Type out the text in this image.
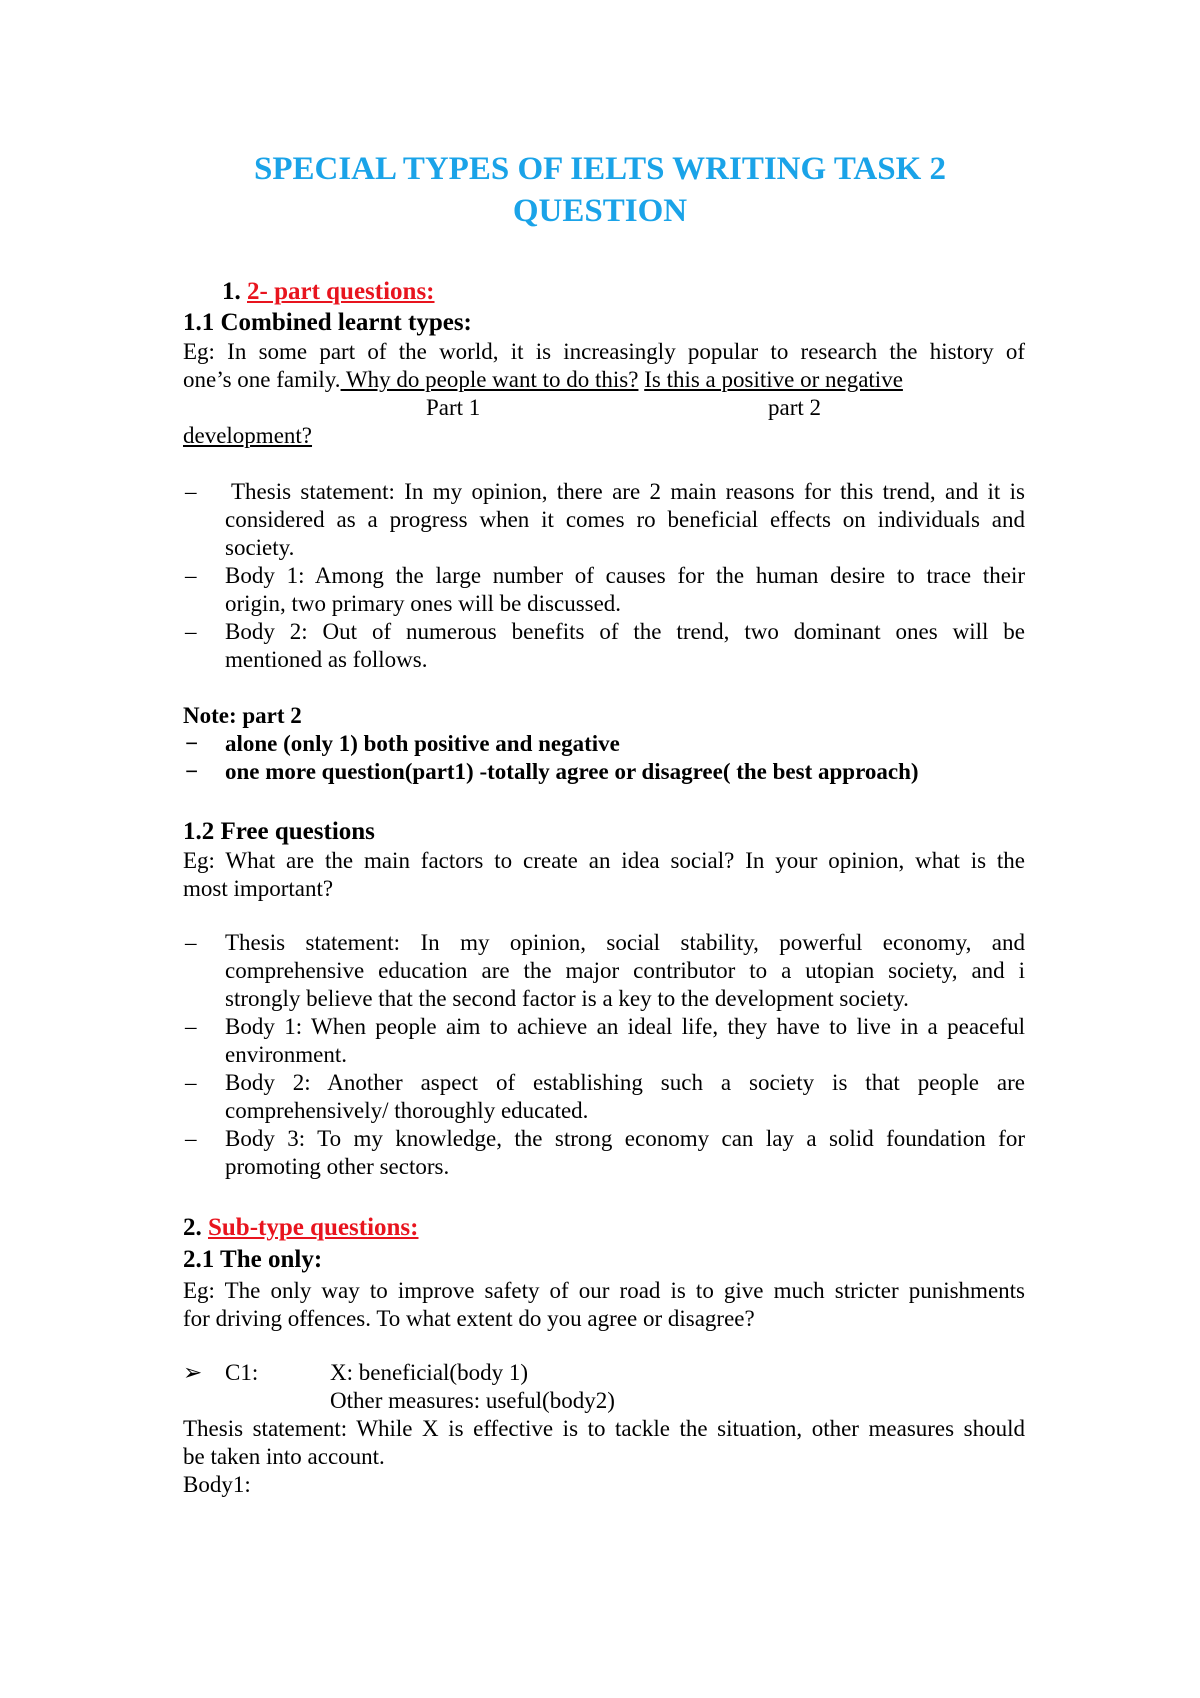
SPECIAL TYPES OF IELTS WRITING TASK 2
QUESTION
1. 2- part questions:
1.1 Combined learnt types:
Eg: In some part of the world, it is increasingly popular to research the history of
one’s one family. Why do people want to do this? Is this a positive or negative
Part 1	part 2
development?
– Thesis statement: In my opinion, there are 2 main reasons for this trend, and it is
considered as a progress when it comes ro beneficial effects on individuals and
society.
– Body 1: Among the large number of causes for the human desire to trace their
origin, two primary ones will be discussed.
– Body 2: Out of numerous benefits of the trend, two dominant ones will be
mentioned as follows.
Note: part 2
− alone (only 1) both positive and negative
− one more question(part1) -totally agree or disagree( the best approach)
1.2 Free questions
Eg: What are the main factors to create an idea social? In your opinion, what is the
most important?
– Thesis statement: In my opinion, social stability, powerful economy, and
comprehensive education are the major contributor to a utopian society, and i
strongly believe that the second factor is a key to the development society.
– Body 1: When people aim to achieve an ideal life, they have to live in a peaceful
environment.
– Body 2: Another aspect of establishing such a society is that people are
comprehensively/ thoroughly educated.
– Body 3: To my knowledge, the strong economy can lay a solid foundation for
promoting other sectors.
2. Sub-type questions:
2.1 The only:
Eg: The only way to improve safety of our road is to give much stricter punishments
for driving offences. To what extent do you agree or disagree?
➢ C1:	X: beneficial(body 1)
Other measures: useful(body2)
Thesis statement: While X is effective is to tackle the situation, other measures should
be taken into account.
Body1:
